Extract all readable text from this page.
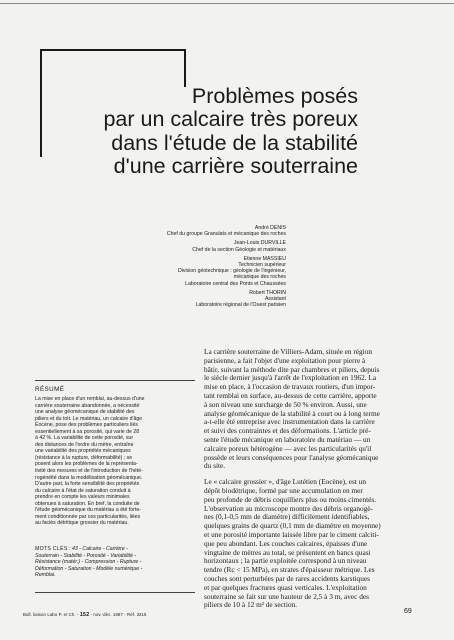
Problèmes posés
par un calcaire très poreux
dans l'étude de la stabilité
d'une carrière souterraine
André DENIS
Chef du groupe Granulats et mécanique des roches
Jean-Louis DURVILLE
Chef de la section Géologie et matériaux
Etienne MASSIEU
Technicien supérieur
Division géotechnique : géologie de l'ingénieur,
mécanique des roches
Laboratoire central des Ponts et Chaussées
Robert THORIN
Assistant
Laboratoire régional de l'Ouest parisien
RÉSUMÉ
La mise en place d'un remblai, au-dessus d'une
carrière souterraine abandonnée, a nécessité
une analyse géomécanique de stabilité des
piliers et du toit. Le matériau, un calcaire d'âge
Éocène, pose des problèmes particuliers liés
essentiellement à sa porosité, qui varie de 28
à 42 %. La variabilité de cette porosité, sur
des distances de l'ordre du mètre, entraîne
une variabilité des propriétés mécaniques
(résistance à la rupture, déformabilité) ; se
posent alors les problèmes de la représenta-
tivité des mesures et de l'introduction de l'hété-
rogénéité dans la modélisation géomécanique.
D'autre part, la forte sensibilité des propriétés
du calcaire à l'état de saturation conduit à
prendre en compte les valeurs minimales
obtenues à saturation. En bref, la conduite de
l'étude géomécanique du matériau a été forte-
ment conditionnée par ces particularités, liées
au faciès détritique grossier du matériau.
MOTS CLÉS : 43 - Calcaire - Carrière -
Souterrain - Stabilité - Porosité - Variabilité -
Résistance (matér.) - Compression - Rupture -
Déformation - Saturation - Modèle numérique -
Remblai.
La carrière souterraine de Villiers-Adam, située en région
parisienne, a fait l'objet d'une exploitation pour pierre à
bâtir, suivant la méthode dite par chambres et piliers, depuis
le siècle dernier jusqu'à l'arrêt de l'exploitation en 1962. La
mise en place, à l'occasion de travaux routiers, d'un impor-
tant remblai en surface, au-dessus de cette carrière, apporte
à son niveau une surcharge de 50 % environ. Aussi, une
analyse géomécanique de la stabilité à court ou à long terme
a-t-elle été entreprise avec instrumentation dans la carrière
et suivi des contraintes et des déformations. L'article pré-
sente l'étude mécanique en laboratoire du matériau — un
calcaire poreux hétérogène — avec les particularités qu'il
possède et leurs conséquences pour l'analyse géomécanique
du site.
Le « calcaire grossier », d'âge Lutétien (Eocène), est un
dépôt biodétrique, formé par une accumulation en mer
peu profonde de débris coquilliers plus ou moins cimentés.
L'observation au microscope montre des débris organogè-
nes (0,1-0,5 mm de diamètre) difficilement identifiables,
quelques grains de quartz (0,1 mm de diamètre en moyenne)
et une porosité importante laissée libre par le ciment calciti-
que peu abondant. Les couches calcaires, épaisses d'une
vingtaine de mètres au total, se présentent en bancs quasi
horizontaux ; la partie exploitée correspond à un niveau
tendre (Rc < 15 MPa), en strates d'épaisseur métrique. Les
couches sont perturbées par de rares accidents karstiques
et par quelques fractures quasi verticales. L'exploitation
souterraine se fait sur une hauteur de 2,5 à 3 m, avec des
piliers de 10 à 12 m² de section.
69
Bull. liaison Labo P. et Ch. - 152 - nov.-déc. 1987 - Réf. 3215
